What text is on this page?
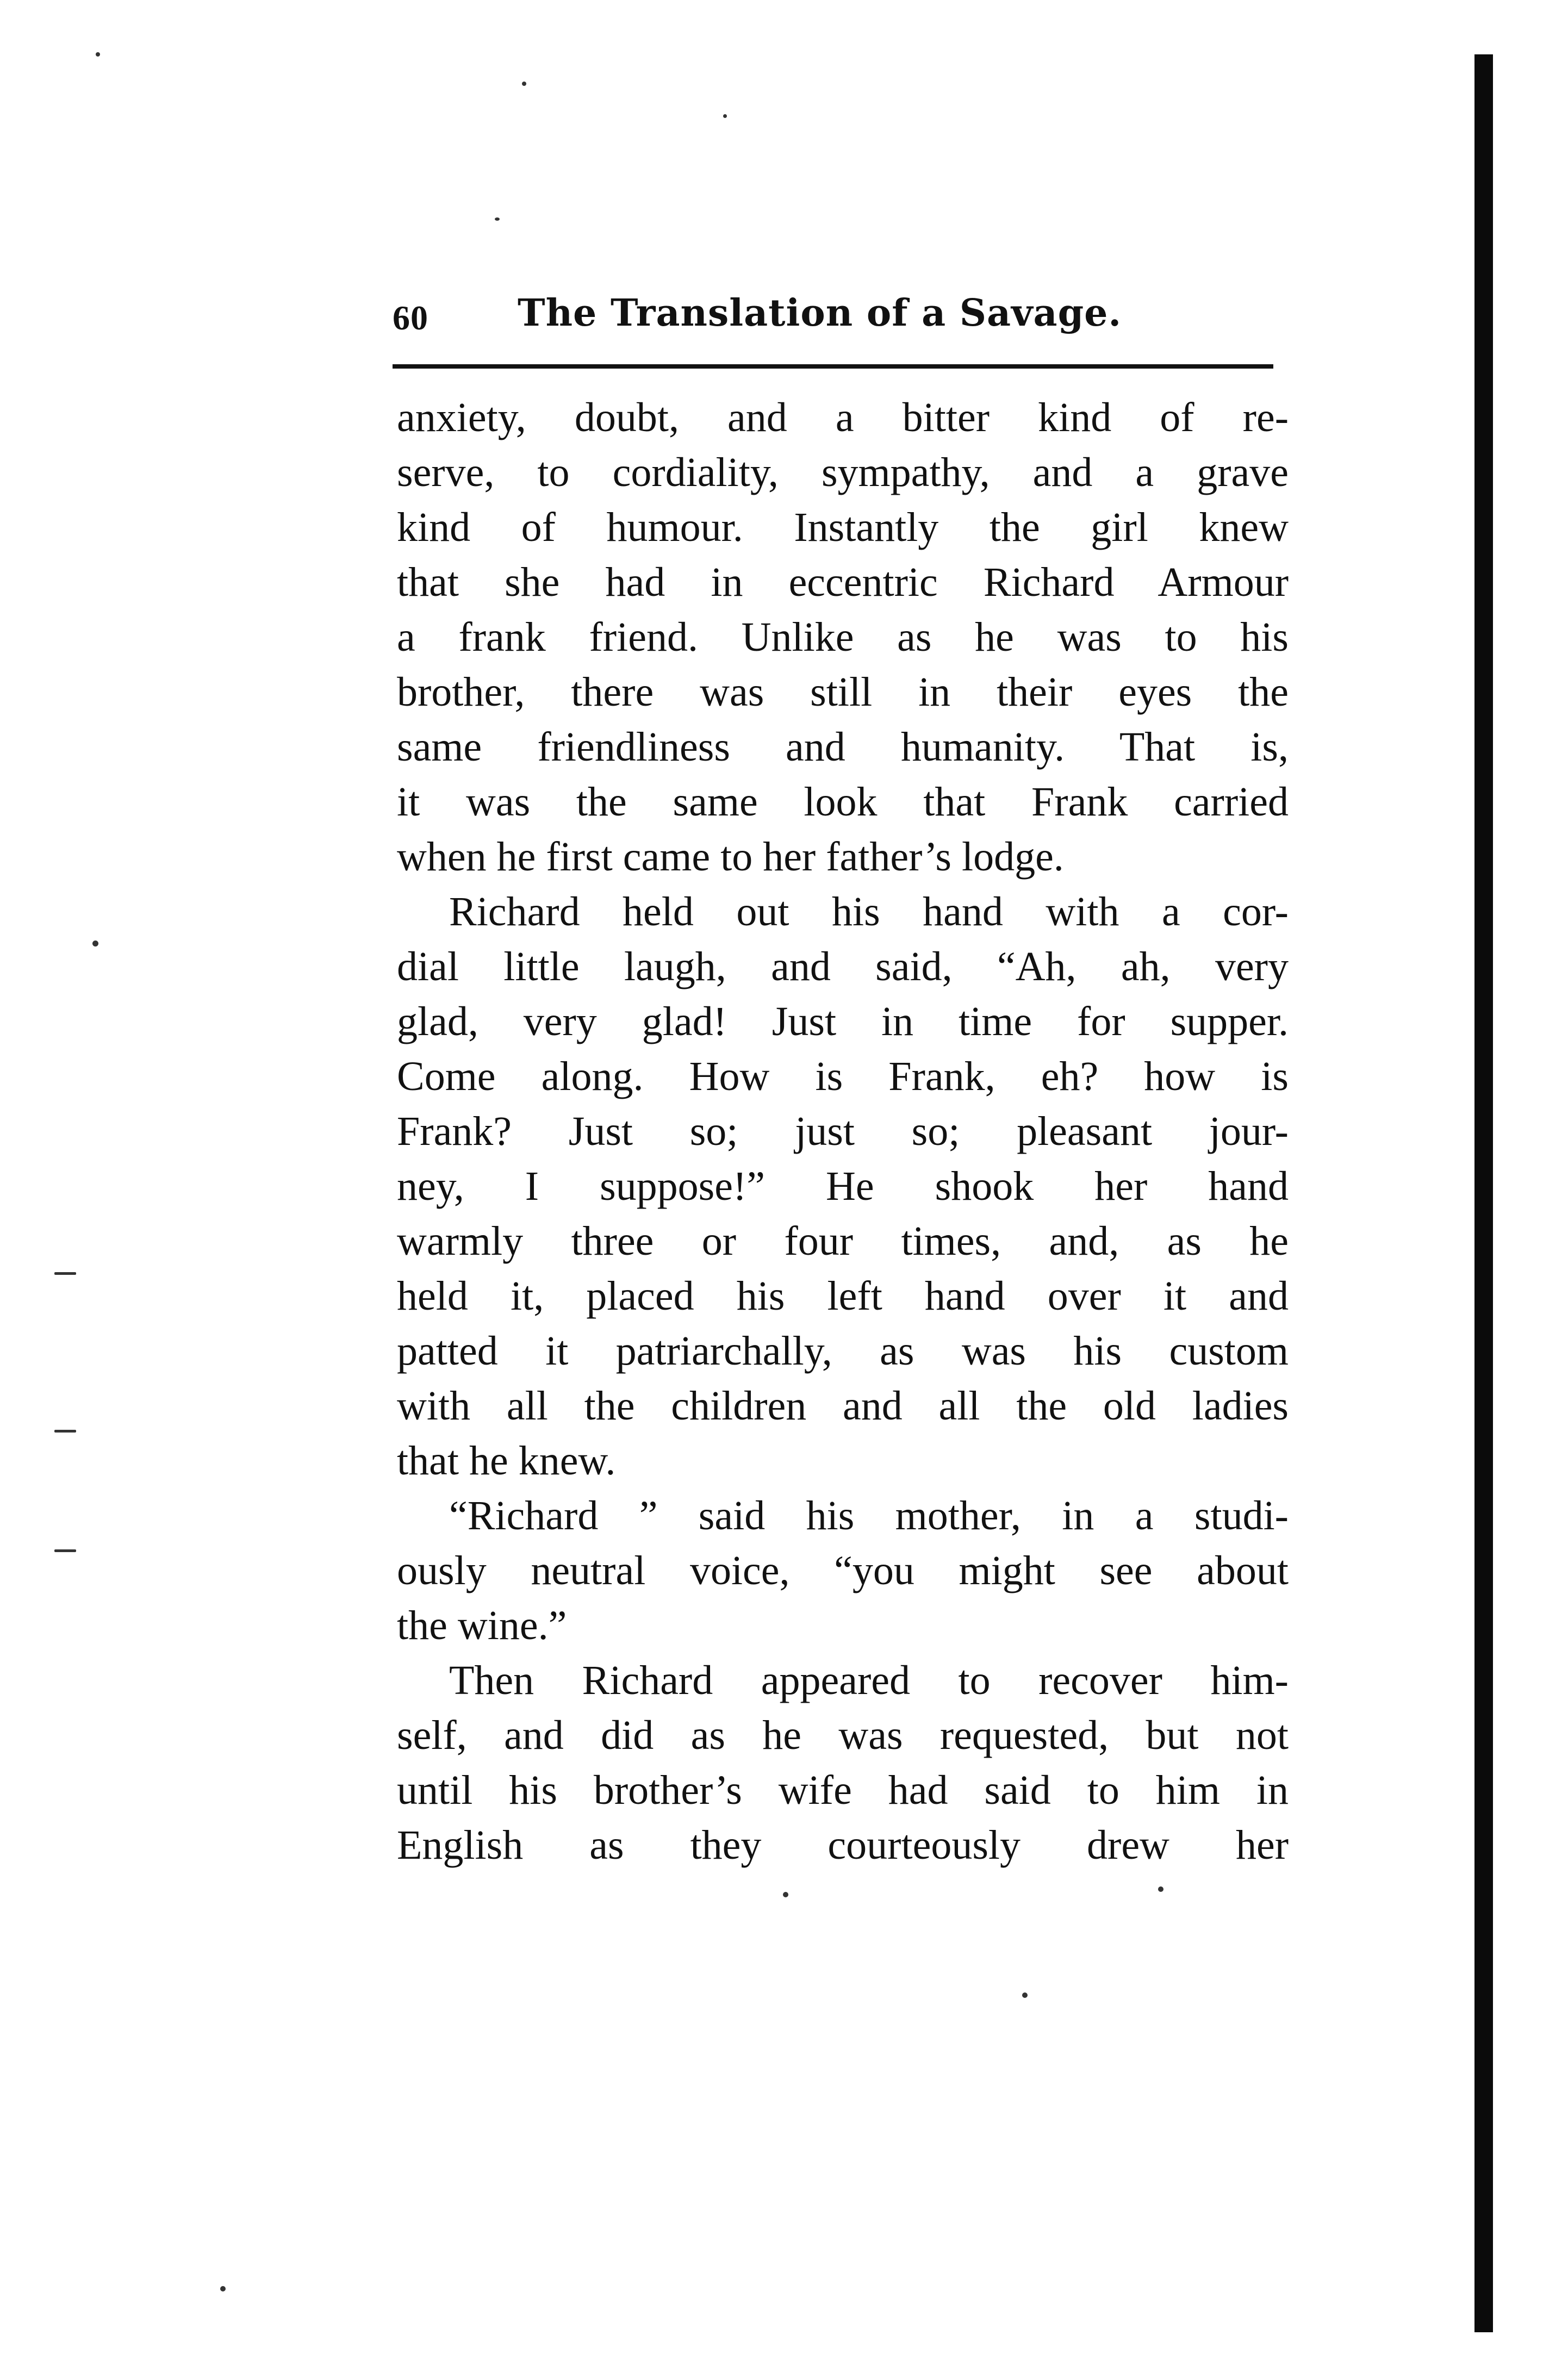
60 The Translation of a Savage.
anxiety, doubt, and a bitter kind of re-
serve, to cordiality, sympathy, and a grave
kind of humour. Instantly the girl knew
that she had in eccentric Richard Armour
a frank friend. Unlike as he was to his
brother, there was still in their eyes the
same friendliness and humanity. That is,
it was the same look that Frank carried
when he first came to her father’s lodge.
Richard held out his hand with a cor-
dial little laugh, and said, “Ah, ah, very
glad, very glad! Just in time for supper.
Come along. How is Frank, eh? how is
Frank? Just so; just so; pleasant jour-
ney, I suppose!” He shook her hand
warmly three or four times, and, as he
held it, placed his left hand over it and
patted it patriarchally, as was his custom
with all the children and all the old ladies
that he knew.
“Richard ” said his mother, in a studi-
ously neutral voice, “you might see about
the wine.”
Then Richard appeared to recover him-
self, and did as he was requested, but not
until his brother’s wife had said to him in
English as they courteously drew her
